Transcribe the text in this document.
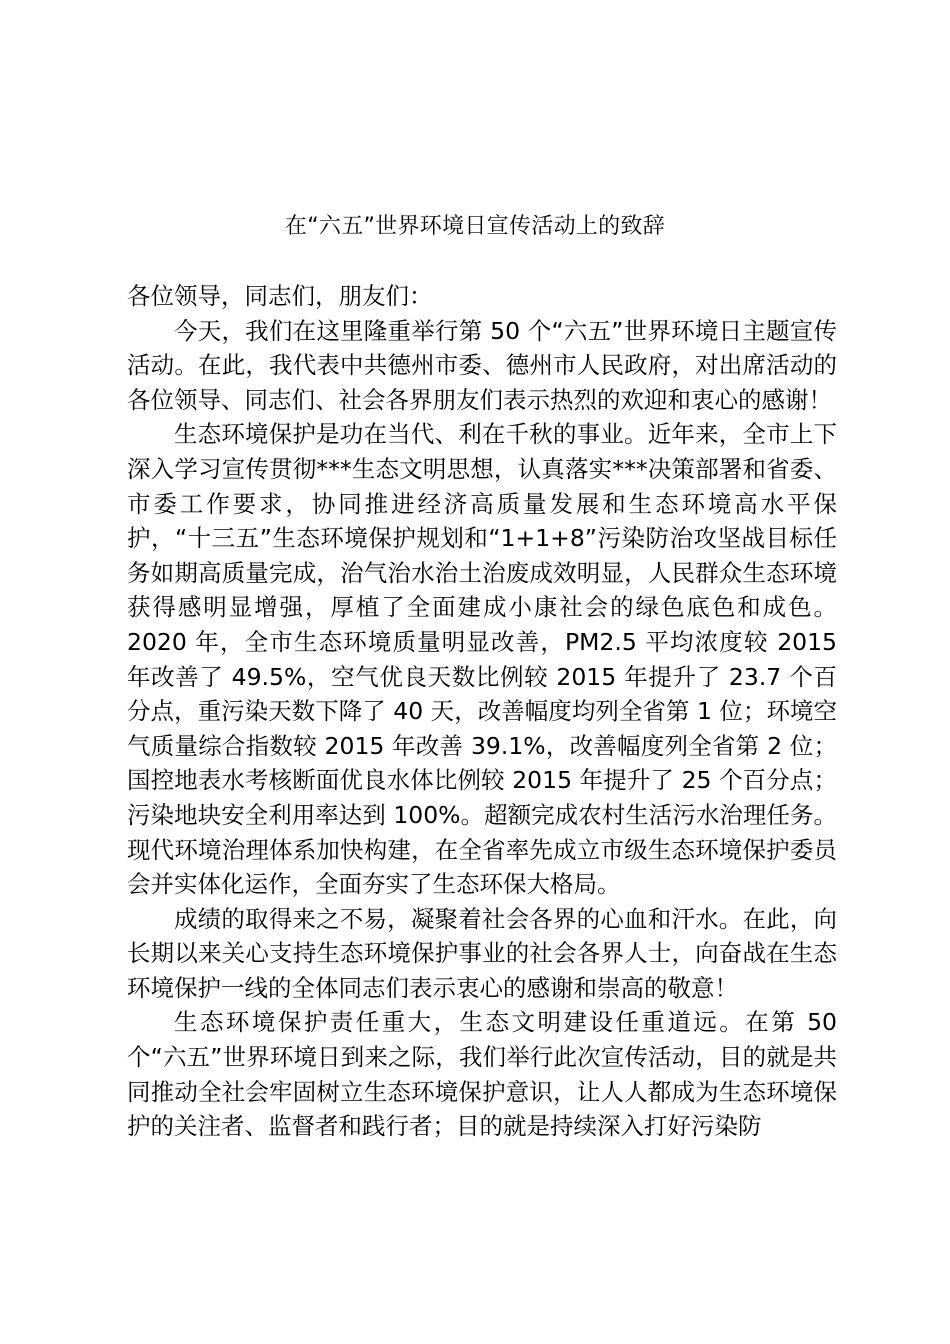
在“六五”世界环境日宣传活动上的致辞

各位领导，同志们，朋友们：

今天，我们在这里隆重举行第 50 个“六五”世界环境日主题宣传活动。在此，我代表中共德州市委、德州市人民政府，对出席活动的各位领导、同志们、社会各界朋友们表示热烈的欢迎和衷心的感谢！

生态环境保护是功在当代、利在千秋的事业。近年来，全市上下深入学习宣传贯彻***生态文明思想，认真落实***决策部署和省委、市委工作要求，协同推进经济高质量发展和生态环境高水平保护，“十三五”生态环境保护规划和“1+1+8”污染防治攻坚战目标任务如期高质量完成，治气治水治土治废成效明显，人民群众生态环境获得感明显增强，厚植了全面建成小康社会的绿色底色和成色。2020 年，全市生态环境质量明显改善，PM2.5 平均浓度较 2015 年改善了 49.5%，空气优良天数比例较 2015 年提升了 23.7 个百分点，重污染天数下降了 40 天，改善幅度均列全省第 1 位；环境空气质量综合指数较 2015 年改善 39.1%，改善幅度列全省第 2 位；国控地表水考核断面优良水体比例较 2015 年提升了 25 个百分点；污染地块安全利用率达到 100%。超额完成农村生活污水治理任务。现代环境治理体系加快构建，在全省率先成立市级生态环境保护委员会并实体化运作，全面夯实了生态环保大格局。

成绩的取得来之不易，凝聚着社会各界的心血和汗水。在此，向长期以来关心支持生态环境保护事业的社会各界人士，向奋战在生态环境保护一线的全体同志们表示衷心的感谢和崇高的敬意！

生态环境保护责任重大，生态文明建设任重道远。在第 50 个“六五”世界环境日到来之际，我们举行此次宣传活动，目的就是共同推动全社会牢固树立生态环境保护意识，让人人都成为生态环境保护的关注者、监督者和践行者；目的就是持续深入打好污染防
